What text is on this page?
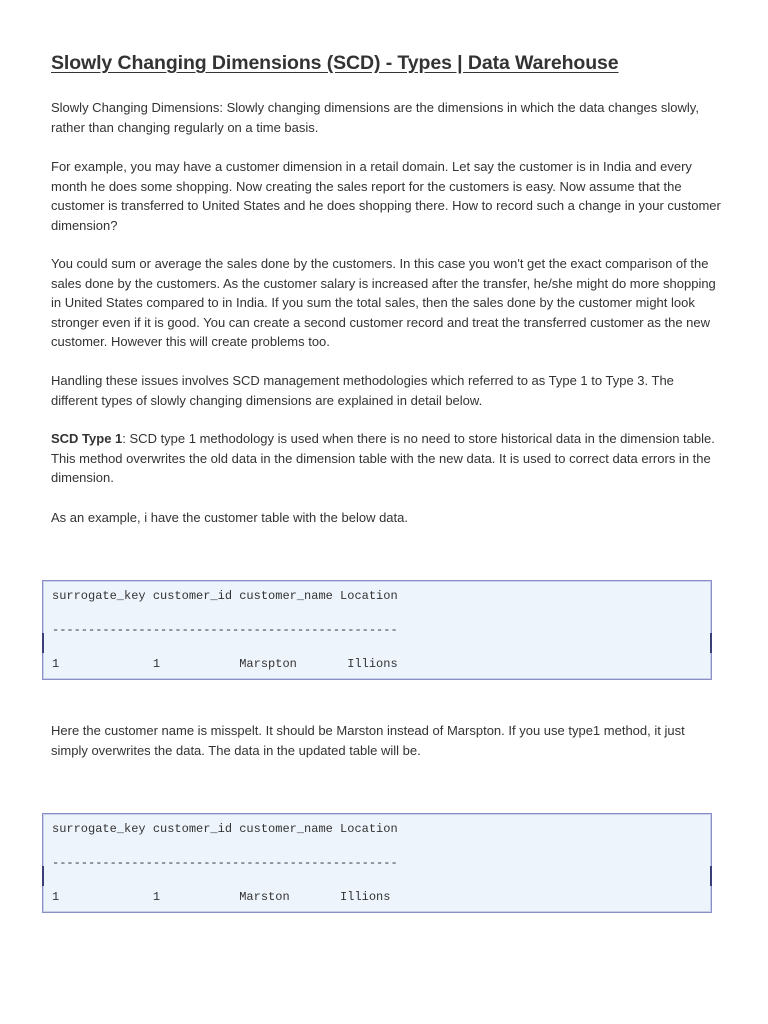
Slowly Changing Dimensions (SCD) - Types | Data Warehouse

Slowly Changing Dimensions: Slowly changing dimensions are the dimensions in which the data changes slowly, rather than changing regularly on a time basis.

For example, you may have a customer dimension in a retail domain. Let say the customer is in India and every month he does some shopping. Now creating the sales report for the customers is easy. Now assume that the customer is transferred to United States and he does shopping there. How to record such a change in your customer dimension?

You could sum or average the sales done by the customers. In this case you won't get the exact comparison of the sales done by the customers. As the customer salary is increased after the transfer, he/she might do more shopping in United States compared to in India. If you sum the total sales, then the sales done by the customer might look stronger even if it is good. You can create a second customer record and treat the transferred customer as the new customer. However this will create problems too.

Handling these issues involves SCD management methodologies which referred to as Type 1 to Type 3. The different types of slowly changing dimensions are explained in detail below.

SCD Type 1: SCD type 1 methodology is used when there is no need to store historical data in the dimension table. This method overwrites the old data in the dimension table with the new data. It is used to correct data errors in the dimension.

As an example, i have the customer table with the below data.

surrogate_key customer_id customer_name Location
------------------------------------------------
1             1           Marspton       Illions

Here the customer name is misspelt. It should be Marston instead of Marspton. If you use type1 method, it just simply overwrites the data. The data in the updated table will be.

surrogate_key customer_id customer_name Location
------------------------------------------------
1             1           Marston       Illions
